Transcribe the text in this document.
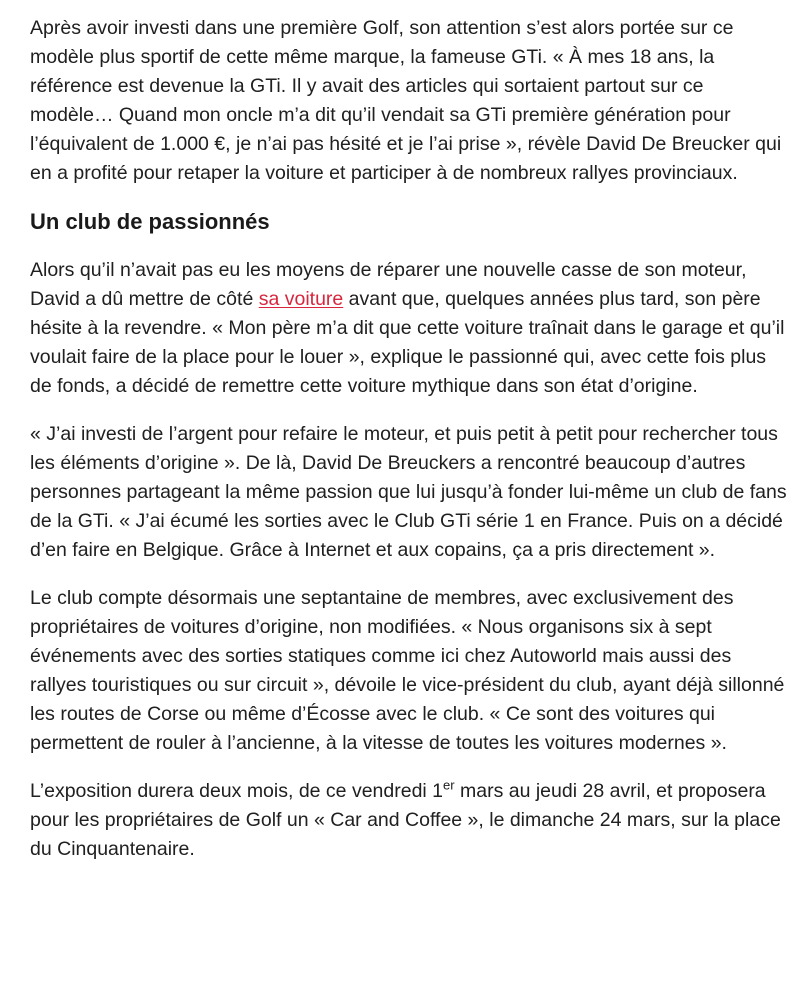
Après avoir investi dans une première Golf, son attention s’est alors portée sur ce modèle plus sportif de cette même marque, la fameuse GTi. « À mes 18 ans, la référence est devenue la GTi. Il y avait des articles qui sortaient partout sur ce modèle… Quand mon oncle m’a dit qu’il vendait sa GTi première génération pour l’équivalent de 1.000 €, je n’ai pas hésité et je l’ai prise », révèle David De Breucker qui en a profité pour retaper la voiture et participer à de nombreux rallyes provinciaux.

Un club de passionnés

Alors qu’il n’avait pas eu les moyens de réparer une nouvelle casse de son moteur, David a dû mettre de côté sa voiture avant que, quelques années plus tard, son père hésite à la revendre. « Mon père m’a dit que cette voiture traînait dans le garage et qu’il voulait faire de la place pour le louer », explique le passionné qui, avec cette fois plus de fonds, a décidé de remettre cette voiture mythique dans son état d’origine.

« J’ai investi de l’argent pour refaire le moteur, et puis petit à petit pour rechercher tous les éléments d’origine ». De là, David De Breuckers a rencontré beaucoup d’autres personnes partageant la même passion que lui jusqu’à fonder lui-même un club de fans de la GTi. « J’ai écumé les sorties avec le Club GTi série 1 en France. Puis on a décidé d’en faire en Belgique. Grâce à Internet et aux copains, ça a pris directement ».

Le club compte désormais une septantaine de membres, avec exclusivement des propriétaires de voitures d’origine, non modifiées. « Nous organisons six à sept événements avec des sorties statiques comme ici chez Autoworld mais aussi des rallyes touristiques ou sur circuit », dévoile le vice-président du club, ayant déjà sillonné les routes de Corse ou même d’Écosse avec le club. « Ce sont des voitures qui permettent de rouler à l’ancienne, à la vitesse de toutes les voitures modernes ».

L’exposition durera deux mois, de ce vendredi 1er mars au jeudi 28 avril, et proposera pour les propriétaires de Golf un « Car and Coffee », le dimanche 24 mars, sur la place du Cinquantenaire.
